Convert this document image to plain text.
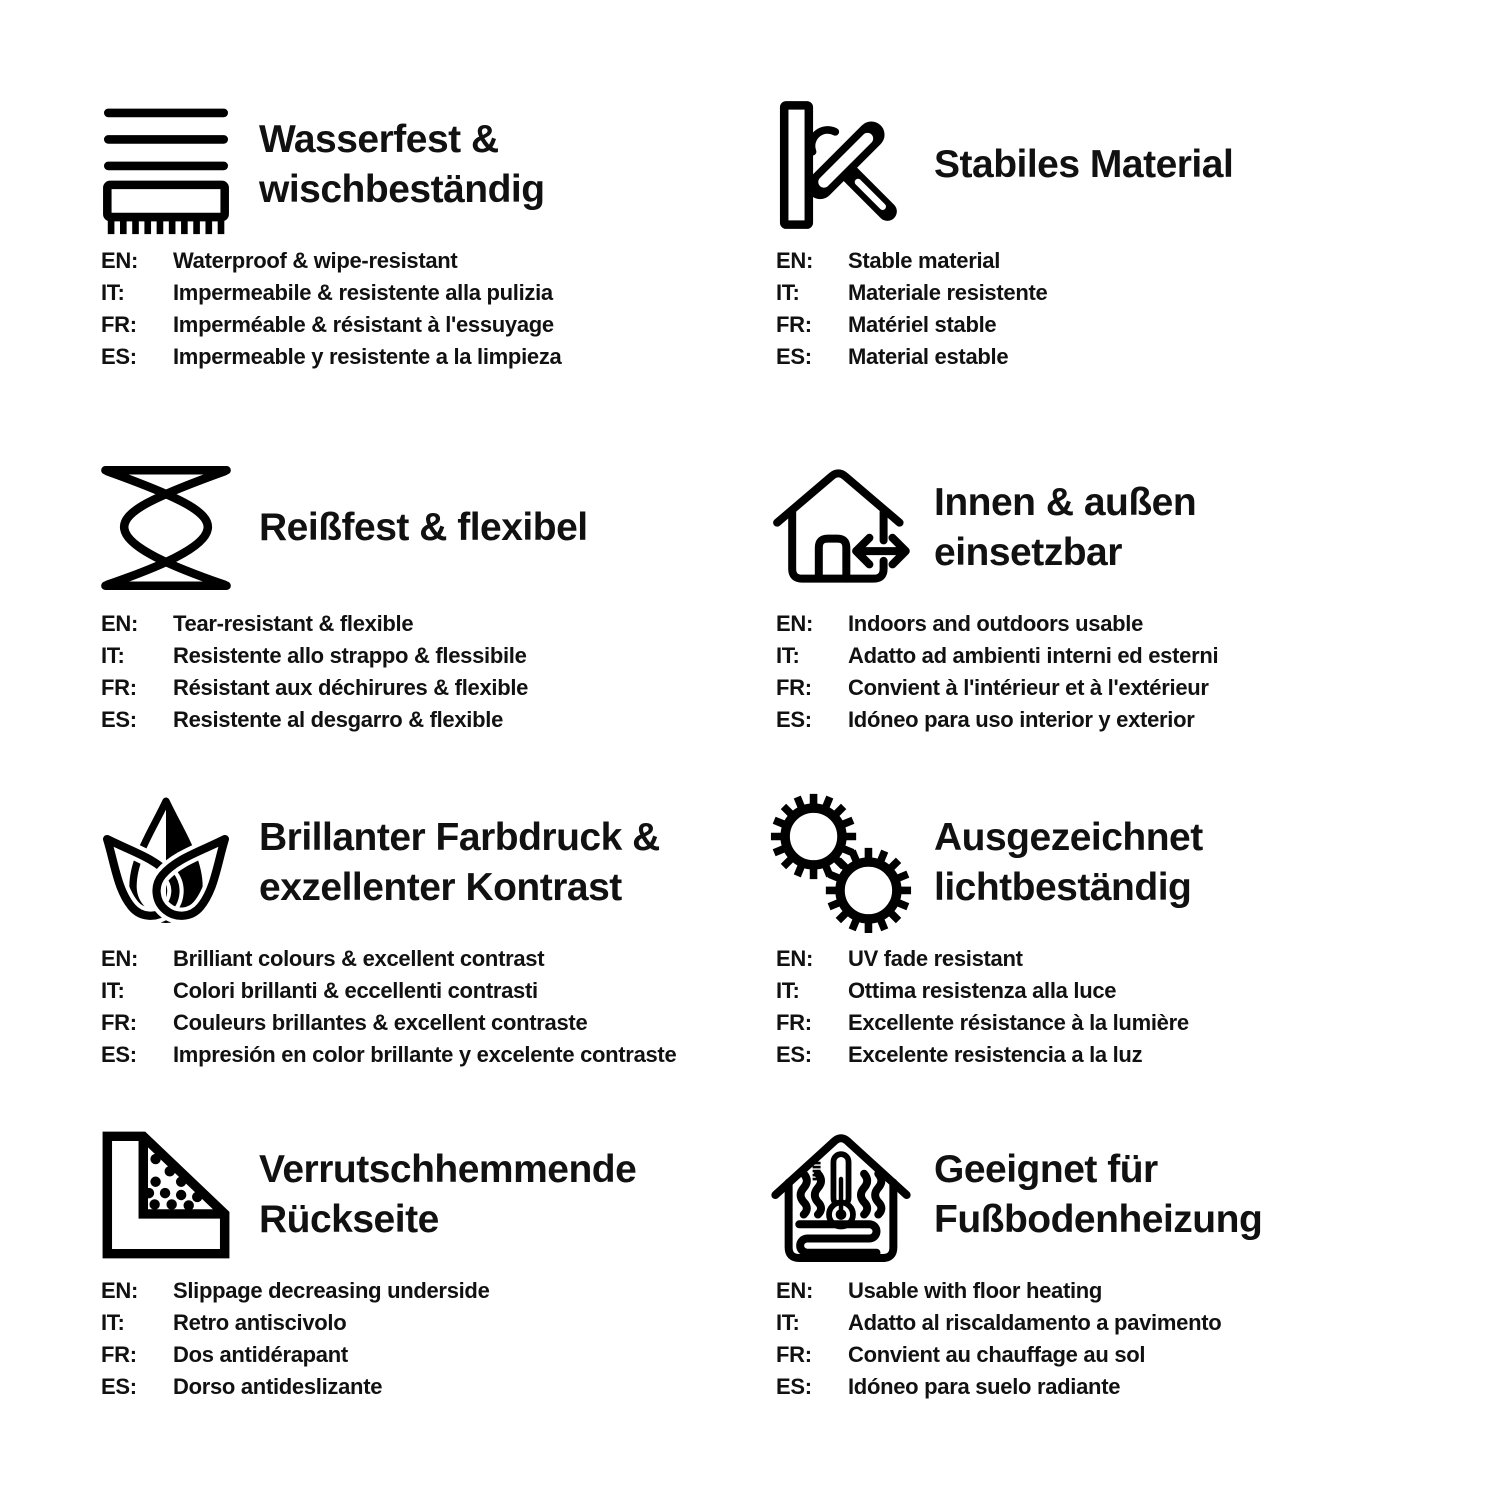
Wasserfest &
wischbeständig
EN:	Waterproof & wipe-resistant
IT:	Impermeabile & resistente alla pulizia
FR:	Imperméable & résistant à l'essuyage
ES:	Impermeable y resistente a la limpieza
Stabiles Material
EN:	Stable material
IT:	Materiale resistente
FR:	Matériel stable
ES:	Material estable
Reißfest & flexibel
EN:	Tear-resistant & flexible
IT:	Resistente allo strappo & flessibile
FR:	Résistant aux déchirures & flexible
ES:	Resistente al desgarro & flexible
Innen & außen
einsetzbar
EN:	Indoors and outdoors usable
IT:	Adatto ad ambienti interni ed esterni
FR:	Convient à l'intérieur et à l'extérieur
ES:	Idóneo para uso interior y exterior
Brillanter Farbdruck &
exzellenter Kontrast
EN:	Brilliant colours & excellent contrast
IT:	Colori brillanti & eccellenti contrasti
FR:	Couleurs brillantes & excellent contraste
ES:	Impresión en color brillante y excelente contraste
Ausgezeichnet
lichtbeständig
EN:	UV fade resistant
IT:	Ottima resistenza alla luce
FR:	Excellente résistance à la lumière
ES:	Excelente resistencia a la luz
Verrutschhemmende
Rückseite
EN:	Slippage decreasing underside
IT:	Retro antiscivolo
FR:	Dos antidérapant
ES:	Dorso antideslizante
Geeignet für
Fußbodenheizung
EN:	Usable with floor heating
IT:	Adatto al riscaldamento a pavimento
FR:	Convient au chauffage au sol
ES:	Idóneo para suelo radiante
